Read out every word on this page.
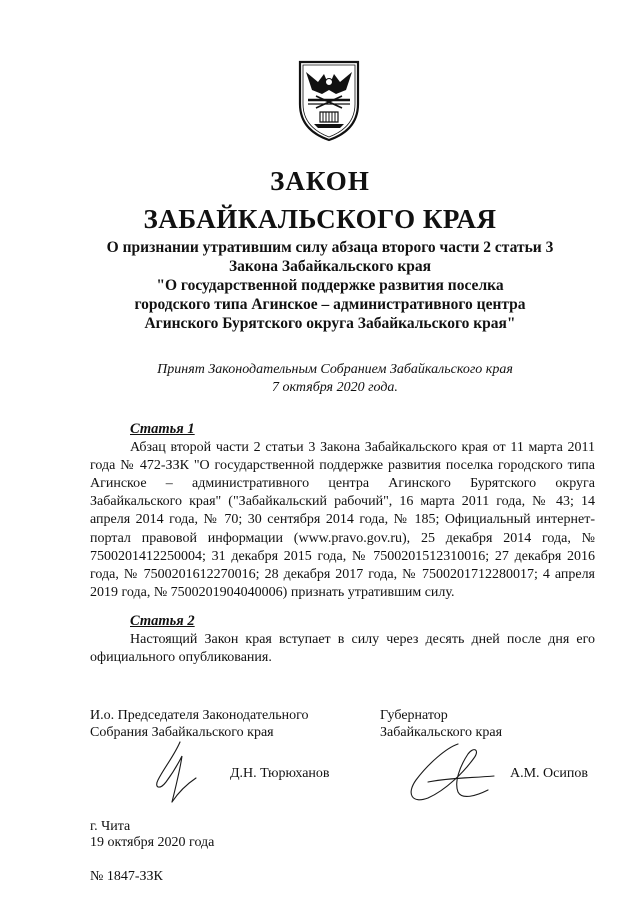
ЗАКОН
ЗАБАЙКАЛЬСКОГО КРАЯ
О признании утратившим силу абзаца второго части 2 статьи 3
Закона Забайкальского края
"О государственной поддержке развития поселка
городского типа Агинское – административного центра
Агинского Бурятского округа Забайкальского края"
Принят Законодательным Собранием Забайкальского края
7 октября 2020 года.

Статья 1

Абзац второй части 2 статьи 3 Закона Забайкальского края от 11 марта 2011 года № 472-ЗЗК "О государственной поддержке развития поселка городского типа Агинское – административного центра Агинского Бурятского округа Забайкальского края" ("Забайкальский рабочий", 16 марта 2011 года, № 43; 14 апреля 2014 года, № 70; 30 сентября 2014 года, № 185; Официальный интернет-портал правовой информации (www.pravo.gov.ru), 25 декабря 2014 года, № 7500201412250004; 31 декабря 2015 года, № 7500201512310016; 27 декабря 2016 года, № 7500201612270016; 28 декабря 2017 года, № 7500201712280017; 4 апреля 2019 года, № 7500201904040006) признать утратившим силу.

Статья 2

Настоящий Закон края вступает в силу через десять дней после дня его официального опубликования.

И.о. Председателя Законодательного
Собрания Забайкальского края
Губернатор
Забайкальского края
Д.Н. Тюрюханов	А.М. Осипов
г. Чита
19 октября 2020 года
№ 1847-ЗЗК
